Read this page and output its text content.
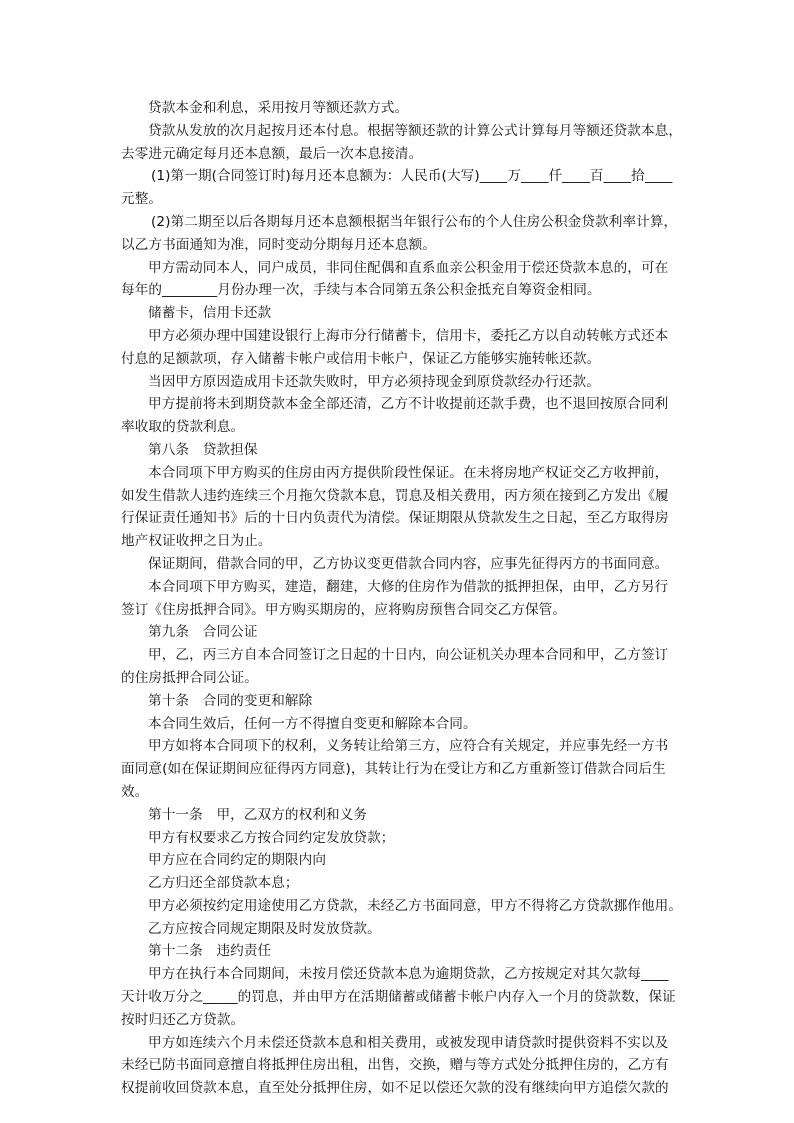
贷款本金和利息，采用按月等额还款方式。
贷款从发放的次月起按月还本付息。根据等额还款的计算公式计算每月等额还贷款本息，
去零进元确定每月还本息额，最后一次本息接清。
(1)第一期(合同签订时)每月还本息额为：人民币(大写)____万____仟____百____拾____
元整。
(2)第二期至以后各期每月还本息额根据当年银行公布的个人住房公积金贷款利率计算，
以乙方书面通知为准，同时变动分期每月还本息额。
甲方需动同本人，同户成员，非同住配偶和直系血亲公积金用于偿还贷款本息的，可在
每年的________月份办理一次，手续与本合同第五条公积金抵充自筹资金相同。
储蓄卡，信用卡还款
甲方必须办理中国建设银行上海市分行储蓄卡，信用卡，委托乙方以自动转帐方式还本
付息的足额款项，存入储蓄卡帐户或信用卡帐户，保证乙方能够实施转帐还款。
当因甲方原因造成用卡还款失败时，甲方必须持现金到原贷款经办行还款。
甲方提前将未到期贷款本金全部还清，乙方不计收提前还款手费，也不退回按原合同利
率收取的贷款利息。
第八条　贷款担保
本合同项下甲方购买的住房由丙方提供阶段性保证。在未将房地产权证交乙方收押前，
如发生借款人违约连续三个月拖欠贷款本息，罚息及相关费用，丙方须在接到乙方发出《履
行保证责任通知书》后的十日内负责代为清偿。保证期限从贷款发生之日起，至乙方取得房
地产权证收押之日为止。
保证期间，借款合同的甲，乙方协议变更借款合同内容，应事先征得丙方的书面同意。
本合同项下甲方购买，建造，翻建，大修的住房作为借款的抵押担保，由甲，乙方另行
签订《住房抵押合同》。甲方购买期房的，应将购房预售合同交乙方保管。
第九条　合同公证
甲，乙，丙三方自本合同签订之日起的十日内，向公证机关办理本合同和甲，乙方签订
的住房抵押合同公证。
第十条　合同的变更和解除
本合同生效后，任何一方不得擅自变更和解除本合同。
甲方如将本合同项下的权利，义务转让给第三方，应符合有关规定，并应事先经一方书
面同意(如在保证期间应征得丙方同意)，其转让行为在受让方和乙方重新签订借款合同后生
效。
第十一条　甲，乙双方的权利和义务
甲方有权要求乙方按合同约定发放贷款；
甲方应在合同约定的期限内向
乙方归还全部贷款本息；
甲方必须按约定用途使用乙方贷款，未经乙方书面同意，甲方不得将乙方贷款挪作他用。
乙方应按合同规定期限及时发放贷款。
第十二条　违约责任
甲方在执行本合同期间，未按月偿还贷款本息为逾期贷款，乙方按规定对其欠款每____
天计收万分之_____的罚息，并由甲方在活期储蓄或储蓄卡帐户内存入一个月的贷款数，保证
按时归还乙方贷款。
甲方如连续六个月未偿还贷款本息和相关费用，或被发现申请贷款时提供资料不实以及
未经已防书面同意擅自将抵押住房出租，出售，交换，赠与等方式处分抵押住房的，乙方有
权提前收回贷款本息，直至处分抵押住房，如不足以偿还欠款的没有继续向甲方追偿欠款的
